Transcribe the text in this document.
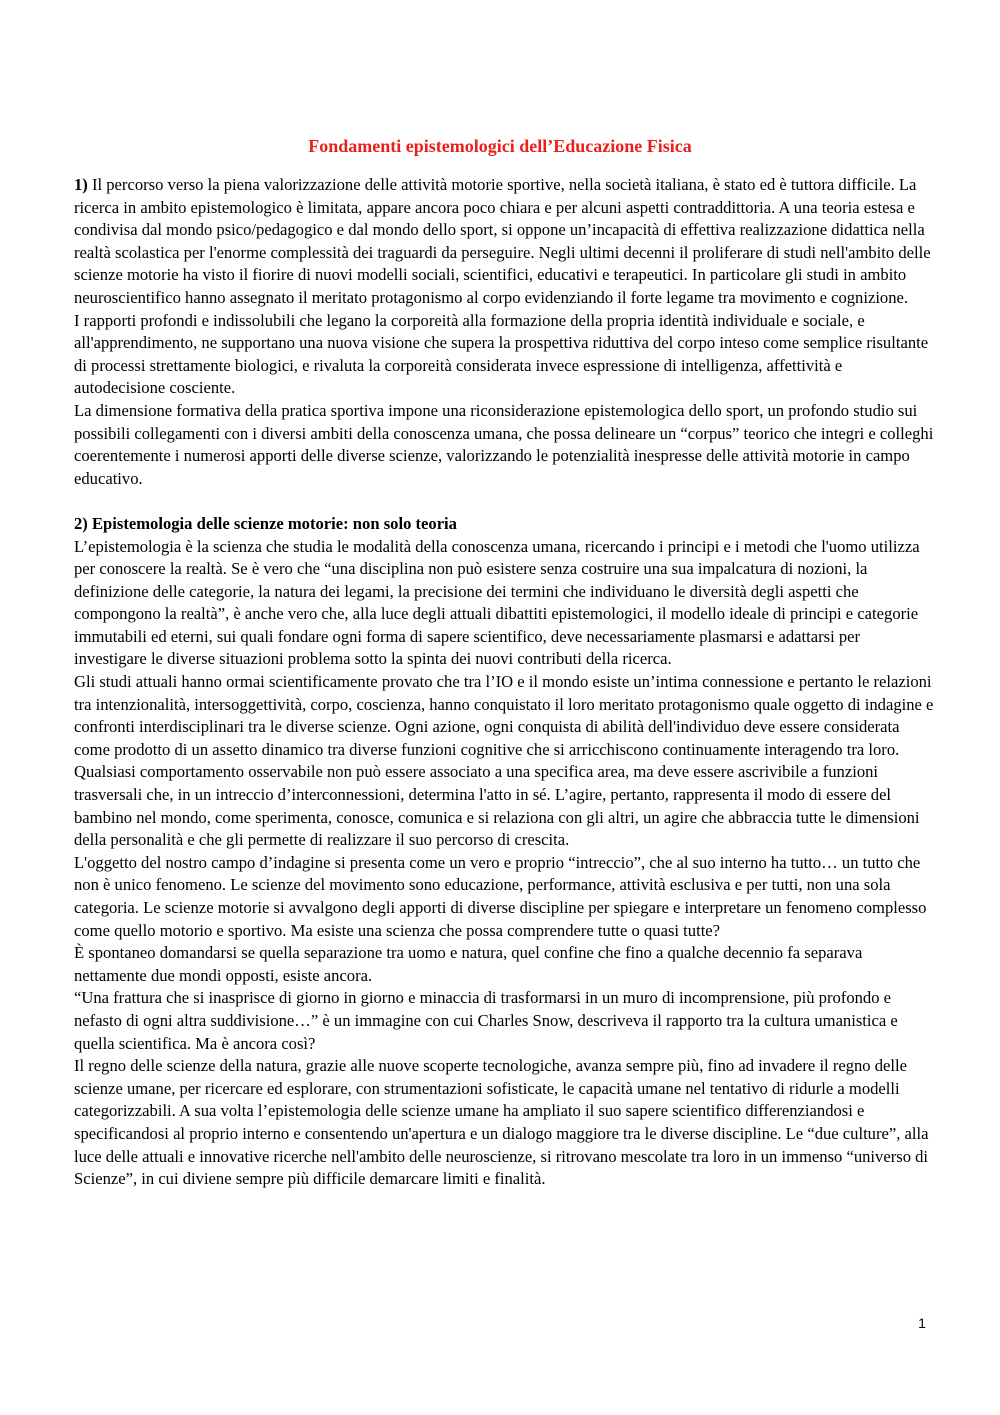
Fondamenti epistemologici dell’Educazione Fisica

1) Il percorso verso la piena valorizzazione delle attività motorie sportive, nella società italiana, è stato ed è tuttora difficile. La ricerca in ambito epistemologico è limitata, appare ancora poco chiara e per alcuni aspetti contraddittoria. A una teoria estesa e condivisa dal mondo psico/pedagogico e dal mondo dello sport, si oppone un’incapacità di effettiva realizzazione didattica nella realtà scolastica per l'enorme complessità dei traguardi da perseguire. Negli ultimi decenni il proliferare di studi nell'ambito delle scienze motorie ha visto il fiorire di nuovi modelli sociali, scientifici, educativi e terapeutici. In particolare gli studi in ambito neuroscientifico hanno assegnato il meritato protagonismo al corpo evidenziando il forte legame tra movimento e cognizione.

I rapporti profondi e indissolubili che legano la corporeità alla formazione della propria identità individuale e sociale, e all'apprendimento, ne supportano una nuova visione che supera la prospettiva riduttiva del corpo inteso come semplice risultante di processi strettamente biologici, e rivaluta la corporeità considerata invece espressione di intelligenza, affettività e autodecisione cosciente.

La dimensione formativa della pratica sportiva impone una riconsiderazione epistemologica dello sport, un profondo studio sui possibili collegamenti con i diversi ambiti della conoscenza umana, che possa delineare un “corpus” teorico che integri e colleghi coerentemente i numerosi apporti delle diverse scienze, valorizzando le potenzialità inespresse delle attività motorie in campo educativo.

2) Epistemologia delle scienze motorie: non solo teoria

L’epistemologia è la scienza che studia le modalità della conoscenza umana, ricercando i principi e i metodi che l'uomo utilizza per conoscere la realtà. Se è vero che “una disciplina non può esistere senza costruire una sua impalcatura di nozioni, la definizione delle categorie, la natura dei legami, la precisione dei termini che individuano le diversità degli aspetti che compongono la realtà”, è anche vero che, alla luce degli attuali dibattiti epistemologici, il modello ideale di principi e categorie immutabili ed eterni, sui quali fondare ogni forma di sapere scientifico, deve necessariamente plasmarsi e adattarsi per investigare le diverse situazioni problema sotto la spinta dei nuovi contributi della ricerca.

Gli studi attuali hanno ormai scientificamente provato che tra l’IO e il mondo esiste un’intima connessione e pertanto le relazioni tra intenzionalità, intersoggettività, corpo, coscienza, hanno conquistato il loro meritato protagonismo quale oggetto di indagine e confronti interdisciplinari tra le diverse scienze. Ogni azione, ogni conquista di abilità dell'individuo deve essere considerata come prodotto di un assetto dinamico tra diverse funzioni cognitive che si arricchiscono continuamente interagendo tra loro. Qualsiasi comportamento osservabile non può essere associato a una specifica area, ma deve essere ascrivibile a funzioni trasversali che, in un intreccio d’interconnessioni, determina l'atto in sé. L’agire, pertanto, rappresenta il modo di essere del bambino nel mondo, come sperimenta, conosce, comunica e si relaziona con gli altri, un agire che abbraccia tutte le dimensioni della personalità e che gli permette di realizzare il suo percorso di crescita.

L'oggetto del nostro campo d’indagine si presenta come un vero e proprio “intreccio”, che al suo interno ha tutto… un tutto che non è unico fenomeno. Le scienze del movimento sono educazione, performance, attività esclusiva e per tutti, non una sola categoria. Le scienze motorie si avvalgono degli apporti di diverse discipline per spiegare e interpretare un fenomeno complesso come quello motorio e sportivo. Ma esiste una scienza che possa comprendere tutte o quasi tutte?

È spontaneo domandarsi se quella separazione tra uomo e natura, quel confine che fino a qualche decennio fa separava nettamente due mondi opposti, esiste ancora.

“Una frattura che si inasprisce di giorno in giorno e minaccia di trasformarsi in un muro di incomprensione, più profondo e nefasto di ogni altra suddivisione…” è un immagine con cui Charles Snow, descriveva il rapporto tra la cultura umanistica e quella scientifica. Ma è ancora così?

Il regno delle scienze della natura, grazie alle nuove scoperte tecnologiche, avanza sempre più, fino ad invadere il regno delle scienze umane, per ricercare ed esplorare, con strumentazioni sofisticate, le capacità umane nel tentativo di ridurle a modelli categorizzabili. A sua volta l’epistemologia delle scienze umane ha ampliato il suo sapere scientifico differenziandosi e specificandosi al proprio interno e consentendo un'apertura e un dialogo maggiore tra le diverse discipline. Le “due culture”, alla luce delle attuali e innovative ricerche nell'ambito delle neuroscienze, si ritrovano mescolate tra loro in un immenso “universo di Scienze”, in cui diviene sempre più difficile demarcare limiti e finalità.

1
